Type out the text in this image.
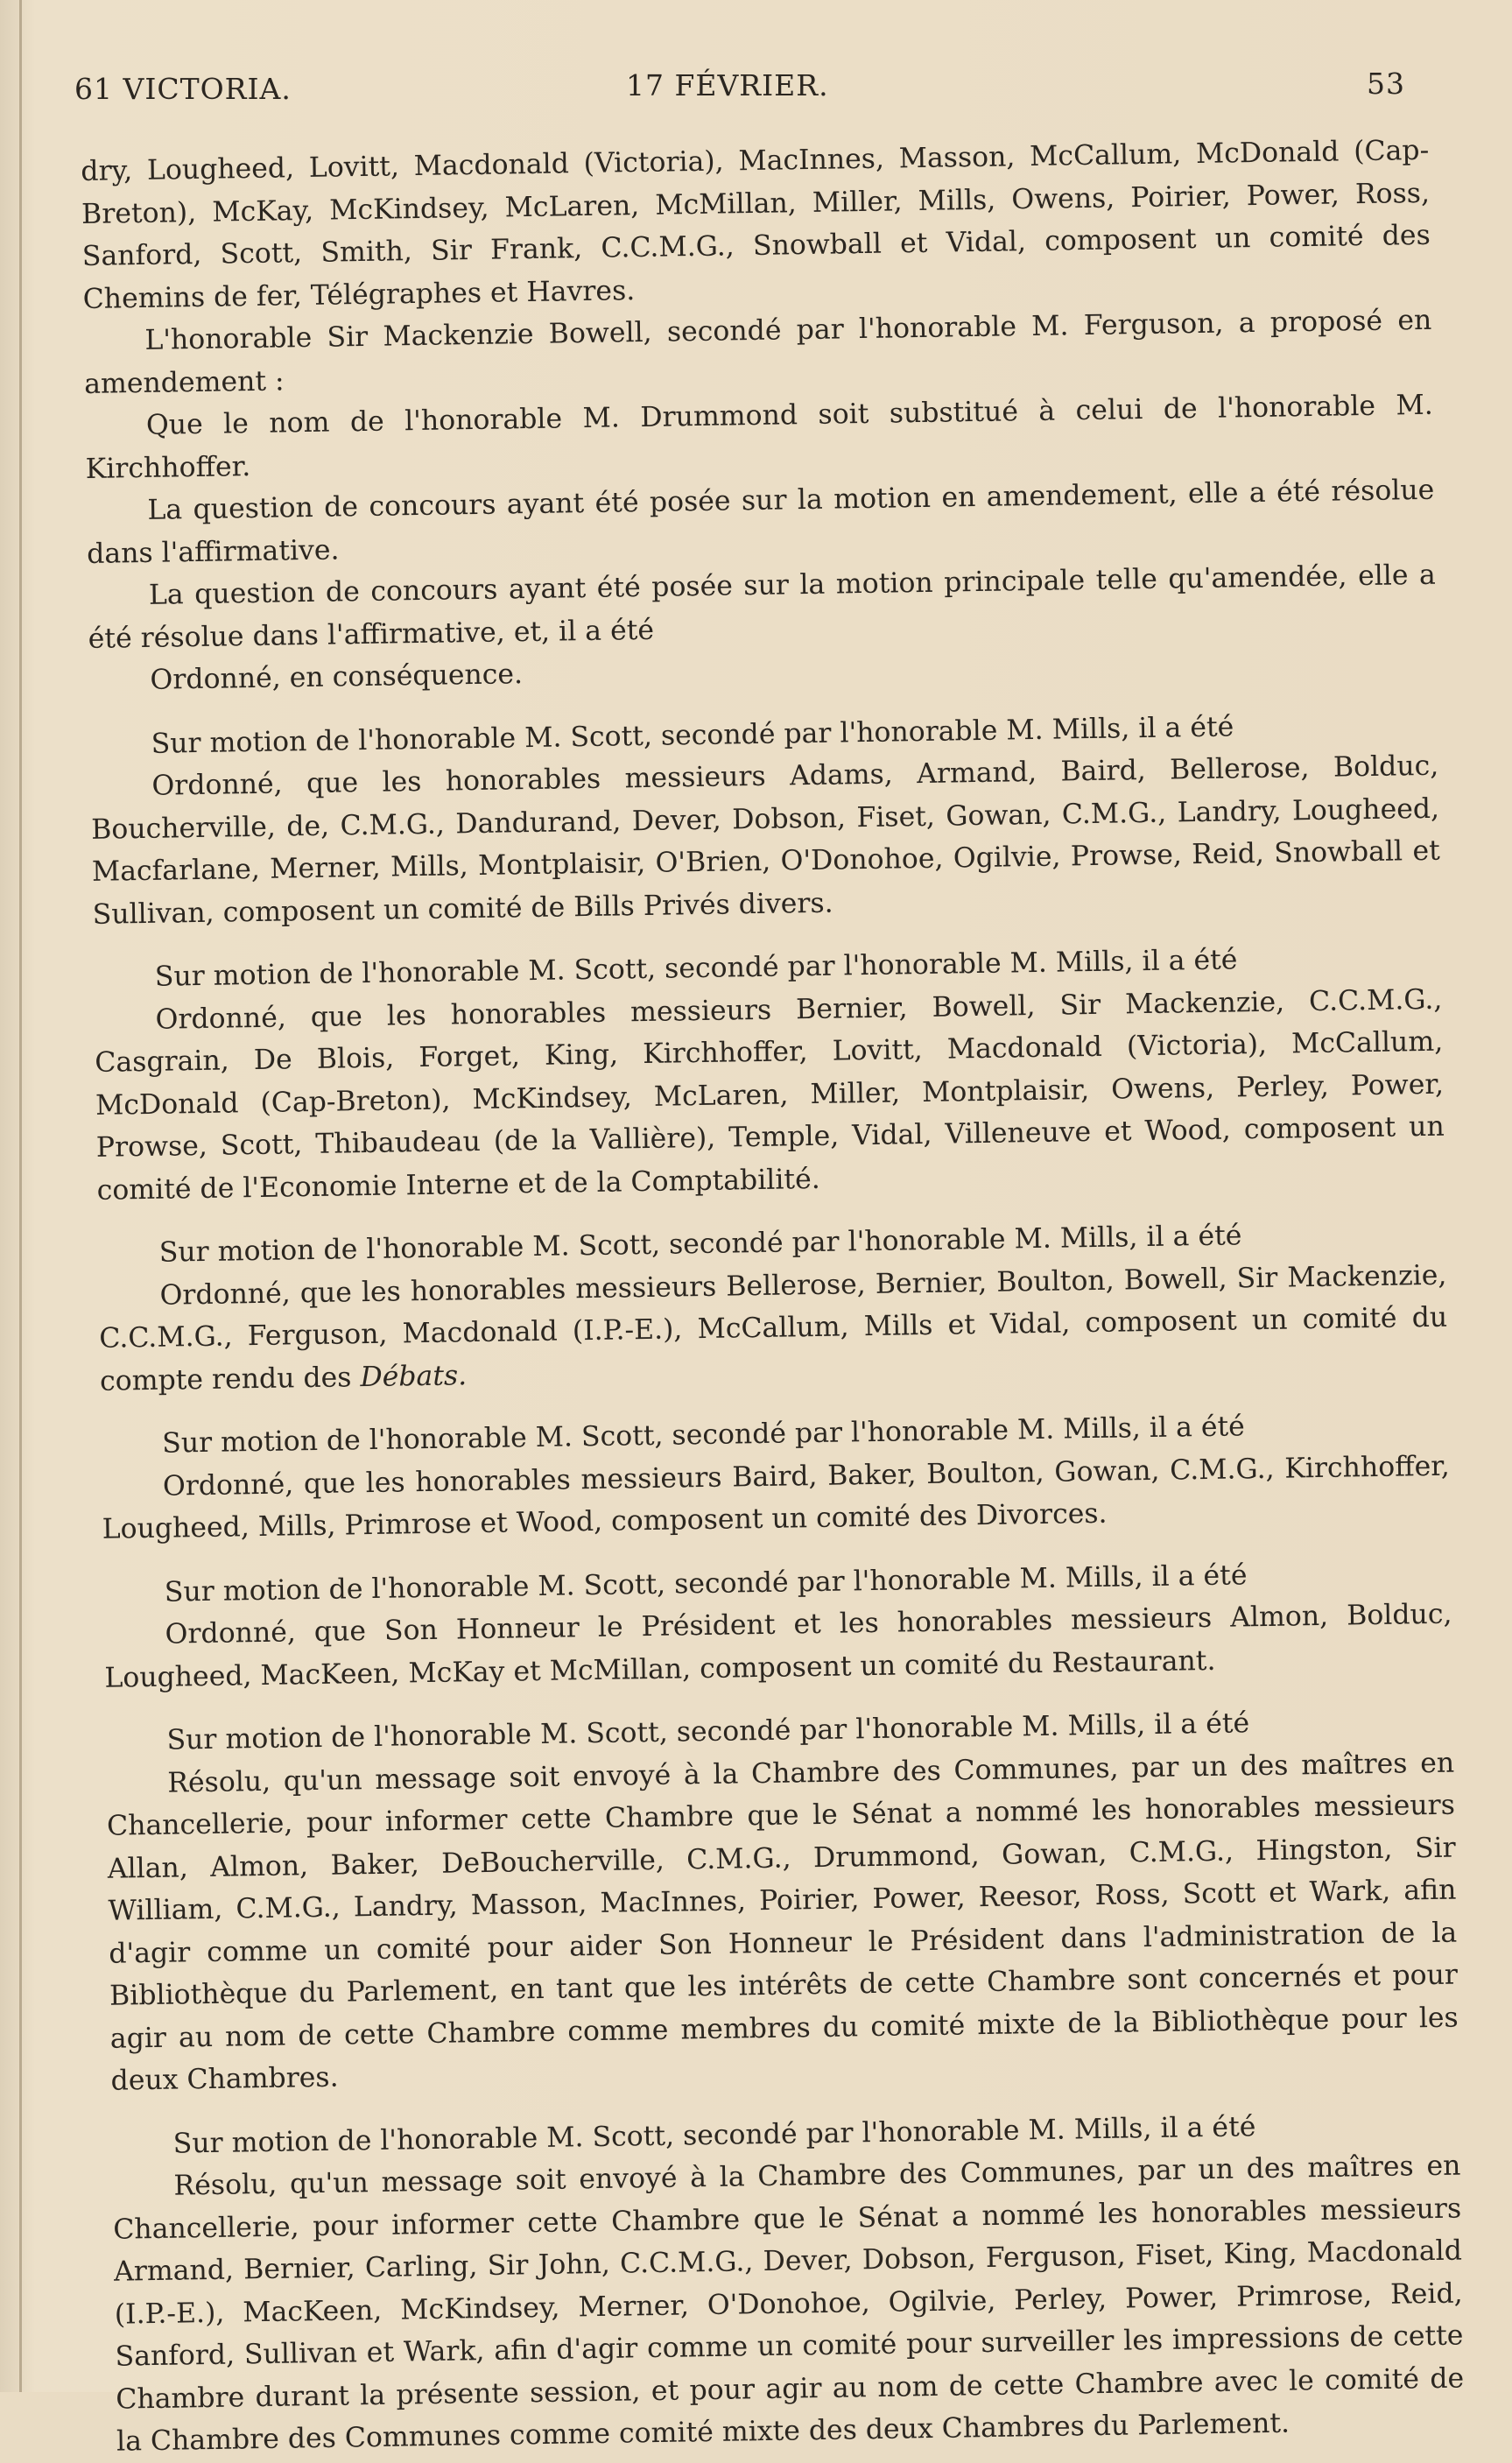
61 VICTORIA.	17 FÉVRIER.	53

dry, Lougheed, Lovitt, Macdonald (Victoria), MacInnes, Masson, McCallum, McDonald (Cap-Breton), McKay, McKindsey, McLaren, McMillan, Miller, Mills, Owens, Poirier, Power, Ross, Sanford, Scott, Smith, Sir Frank, C.C.M.G., Snowball et Vidal, composent un comité des Chemins de fer, Télégraphes et Havres.

L'honorable Sir Mackenzie Bowell, secondé par l'honorable M. Ferguson, a proposé en amendement :

Que le nom de l'honorable M. Drummond soit substitué à celui de l'honorable M. Kirchhoffer.

La question de concours ayant été posée sur la motion en amendement, elle a été résolue dans l'affirmative.

La question de concours ayant été posée sur la motion principale telle qu'amendée, elle a été résolue dans l'affirmative, et, il a été

Ordonné, en conséquence.

Sur motion de l'honorable M. Scott, secondé par l'honorable M. Mills, il a été

Ordonné, que les honorables messieurs Adams, Armand, Baird, Bellerose, Bolduc, Boucherville, de, C.M.G., Dandurand, Dever, Dobson, Fiset, Gowan, C.M.G., Landry, Lougheed, Macfarlane, Merner, Mills, Montplaisir, O'Brien, O'Donohoe, Ogilvie, Prowse, Reid, Snowball et Sullivan, composent un comité de Bills Privés divers.

Sur motion de l'honorable M. Scott, secondé par l'honorable M. Mills, il a été

Ordonné, que les honorables messieurs Bernier, Bowell, Sir Mackenzie, C.C.M.G., Casgrain, De Blois, Forget, King, Kirchhoffer, Lovitt, Macdonald (Victoria), McCallum, McDonald (Cap-Breton), McKindsey, McLaren, Miller, Montplaisir, Owens, Perley, Power, Prowse, Scott, Thibaudeau (de la Vallière), Temple, Vidal, Villeneuve et Wood, composent un comité de l'Economie Interne et de la Comptabilité.

Sur motion de l'honorable M. Scott, secondé par l'honorable M. Mills, il a été

Ordonné, que les honorables messieurs Bellerose, Bernier, Boulton, Bowell, Sir Mackenzie, C.C.M.G., Ferguson, Macdonald (I.P.-E.), McCallum, Mills et Vidal, composent un comité du compte rendu des Débats.

Sur motion de l'honorable M. Scott, secondé par l'honorable M. Mills, il a été

Ordonné, que les honorables messieurs Baird, Baker, Boulton, Gowan, C.M.G., Kirchhoffer, Lougheed, Mills, Primrose et Wood, composent un comité des Divorces.

Sur motion de l'honorable M. Scott, secondé par l'honorable M. Mills, il a été

Ordonné, que Son Honneur le Président et les honorables messieurs Almon, Bolduc, Lougheed, MacKeen, McKay et McMillan, composent un comité du Restaurant.

Sur motion de l'honorable M. Scott, secondé par l'honorable M. Mills, il a été

Résolu, qu'un message soit envoyé à la Chambre des Communes, par un des maîtres en Chancellerie, pour informer cette Chambre que le Sénat a nommé les honorables messieurs Allan, Almon, Baker, DeBoucherville, C.M.G., Drummond, Gowan, C.M.G., Hingston, Sir William, C.M.G., Landry, Masson, MacInnes, Poirier, Power, Reesor, Ross, Scott et Wark, afin d'agir comme un comité pour aider Son Honneur le Président dans l'administration de la Bibliothèque du Parlement, en tant que les intérêts de cette Chambre sont concernés et pour agir au nom de cette Chambre comme membres du comité mixte de la Bibliothèque pour les deux Chambres.

Sur motion de l'honorable M. Scott, secondé par l'honorable M. Mills, il a été

Résolu, qu'un message soit envoyé à la Chambre des Communes, par un des maîtres en Chancellerie, pour informer cette Chambre que le Sénat a nommé les honorables messieurs Armand, Bernier, Carling, Sir John, C.C.M.G., Dever, Dobson, Ferguson, Fiset, King, Macdonald (I.P.-E.), MacKeen, McKindsey, Merner, O'Donohoe, Ogilvie, Perley, Power, Primrose, Reid, Sanford, Sullivan et Wark, afin d'agir comme un comité pour surveiller les impressions de cette Chambre durant la présente session, et pour agir au nom de cette Chambre avec le comité de la Chambre des Communes comme comité mixte des deux Chambres du Parlement.
